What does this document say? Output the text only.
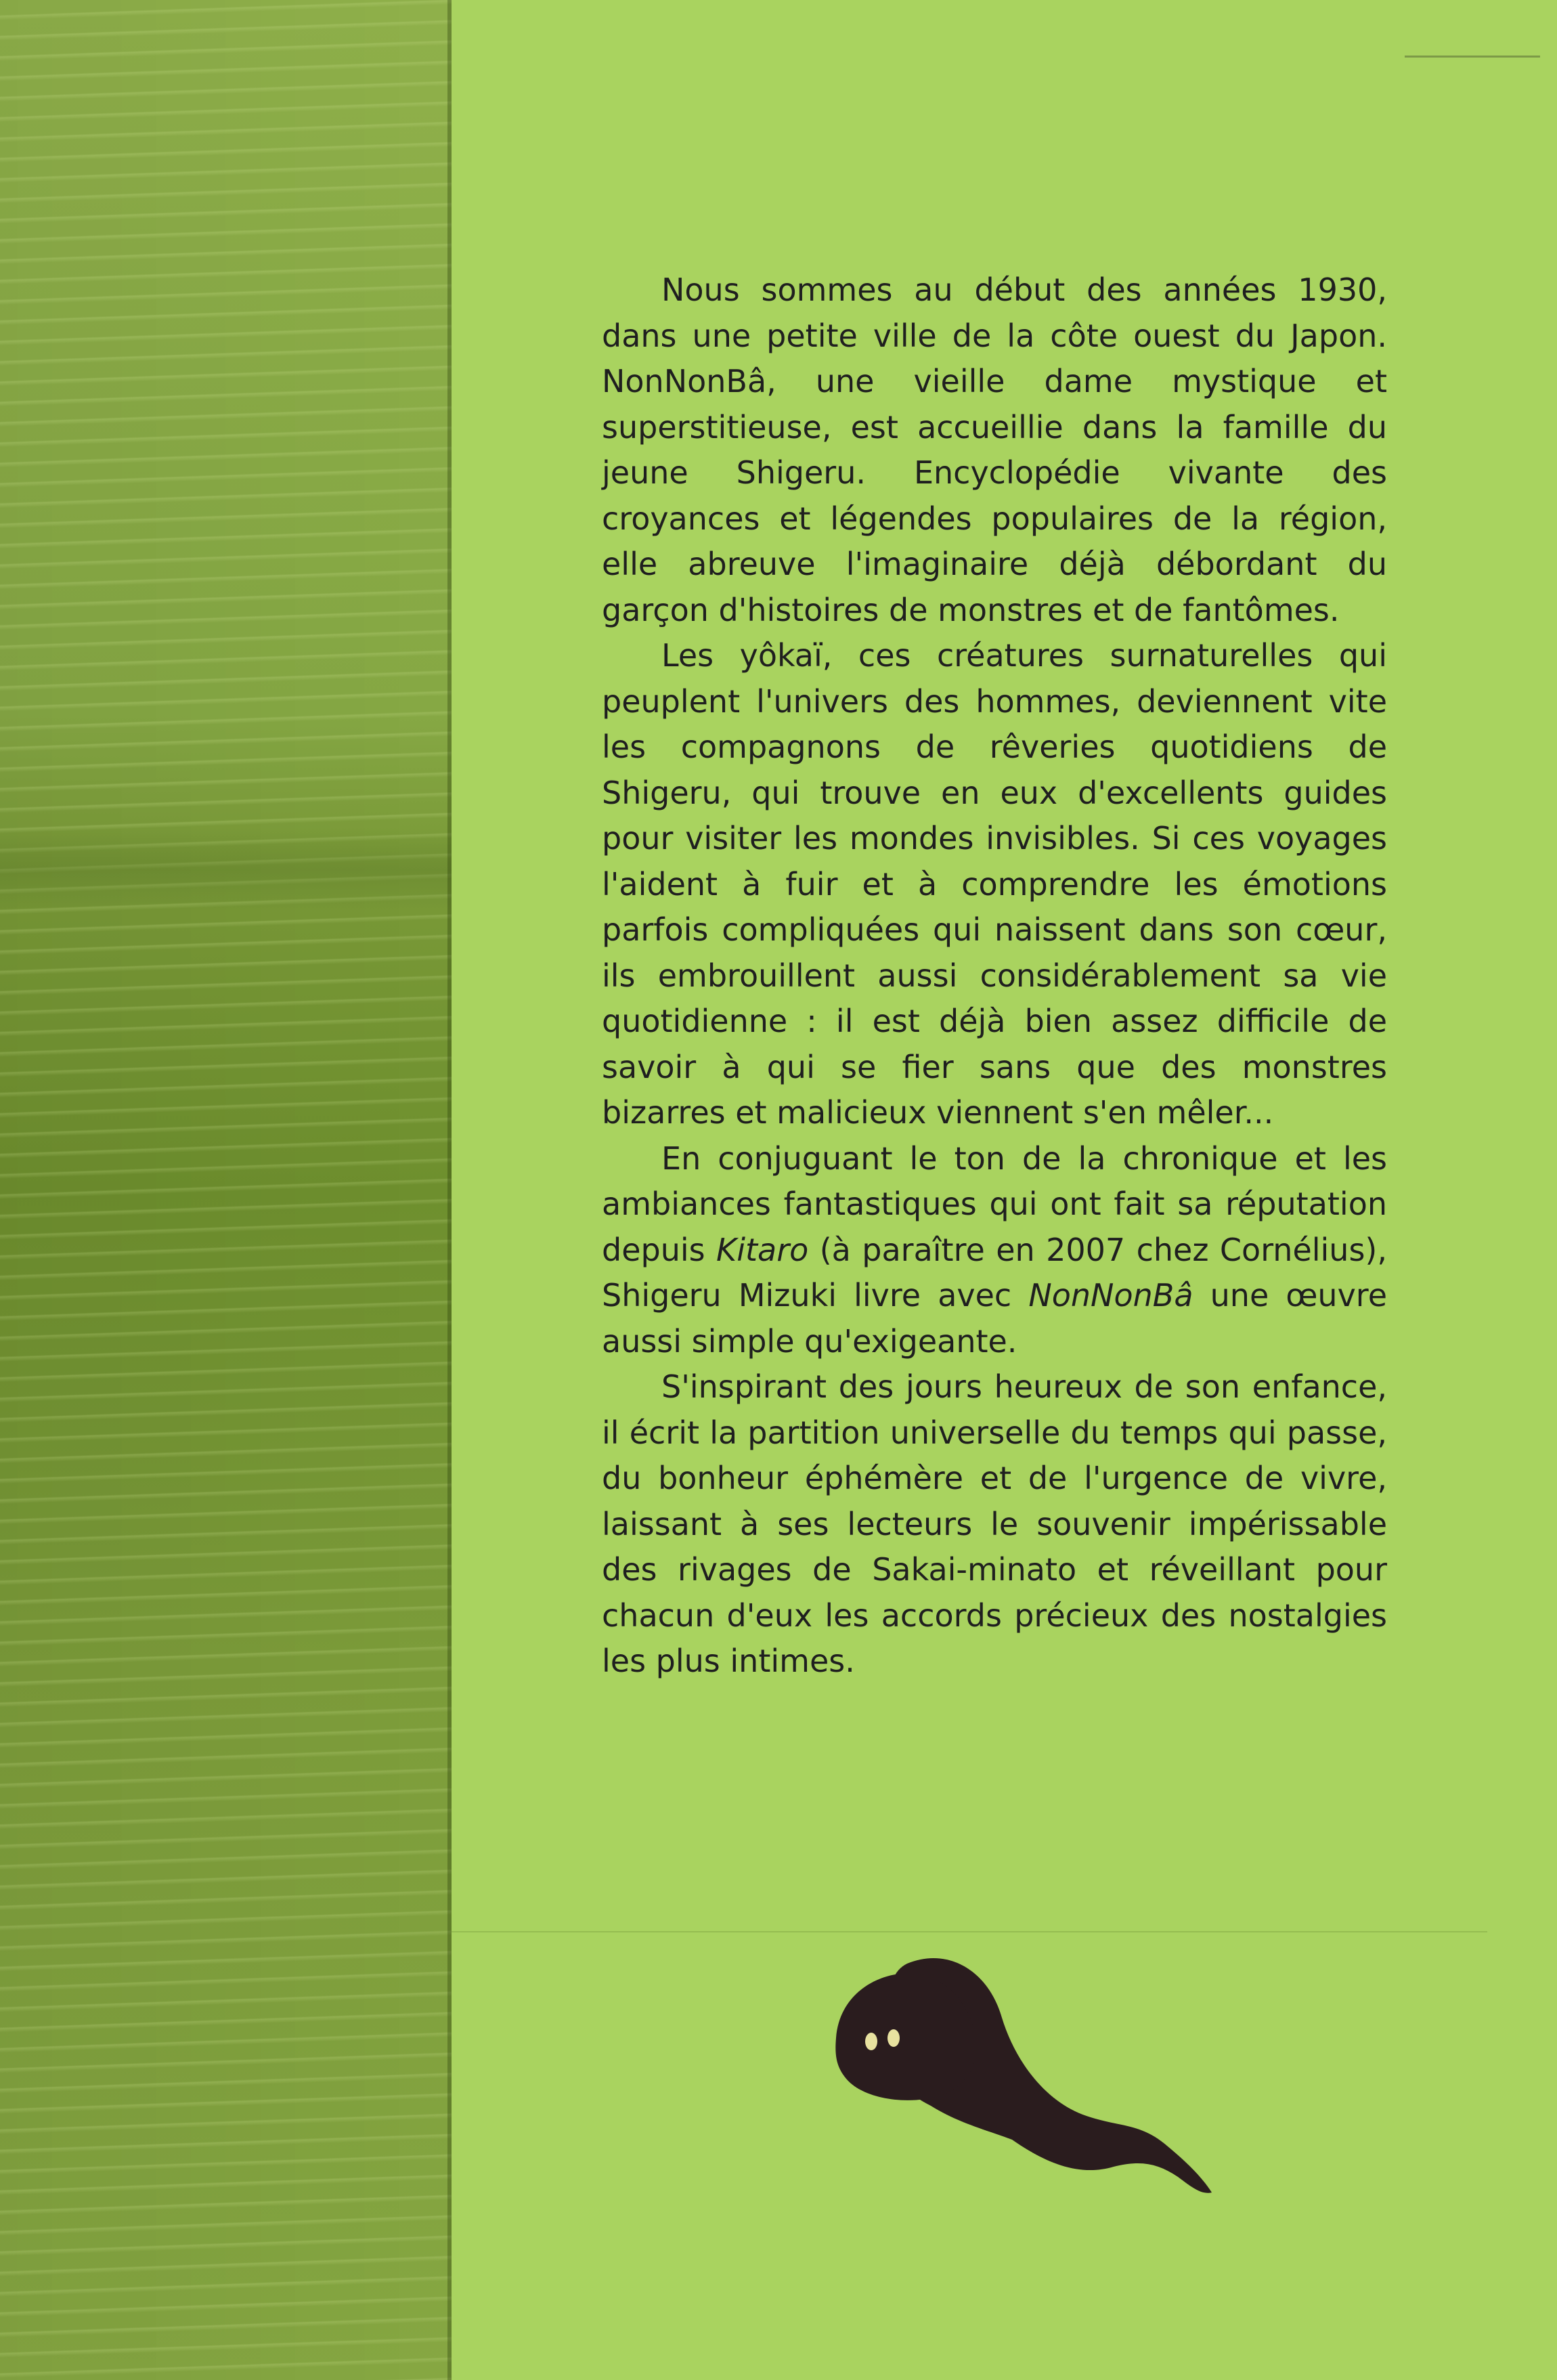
Nous sommes au début des années 1930, dans une petite ville de la côte ouest du Japon. NonNonBâ, une vieille dame mystique et superstitieuse, est accueillie dans la famille du jeune Shigeru. Encyclopédie vivante des croyances et légendes populaires de la région, elle abreuve l'imaginaire déjà débordant du garçon d'histoires de monstres et de fantômes.

Les yôkaï, ces créatures surnaturelles qui peuplent l'univers des hommes, deviennent vite les compagnons de rêveries quotidiens de Shigeru, qui trouve en eux d'excellents guides pour visiter les mondes invisibles. Si ces voyages l'aident à fuir et à comprendre les émotions parfois compliquées qui naissent dans son cœur, ils embrouillent aussi considérablement sa vie quotidienne : il est déjà bien assez difficile de savoir à qui se fier sans que des monstres bizarres et malicieux viennent s'en mêler...

En conjuguant le ton de la chronique et les ambiances fantastiques qui ont fait sa réputation depuis Kitaro (à paraître en 2007 chez Cornélius), Shigeru Mizuki livre avec NonNonBâ une œuvre aussi simple qu'exigeante.

S'inspirant des jours heureux de son enfance, il écrit la partition universelle du temps qui passe, du bonheur éphémère et de l'urgence de vivre, laissant à ses lecteurs le souvenir impérissable des rivages de Sakai-minato et réveillant pour chacun d'eux les accords précieux des nostalgies les plus intimes.
